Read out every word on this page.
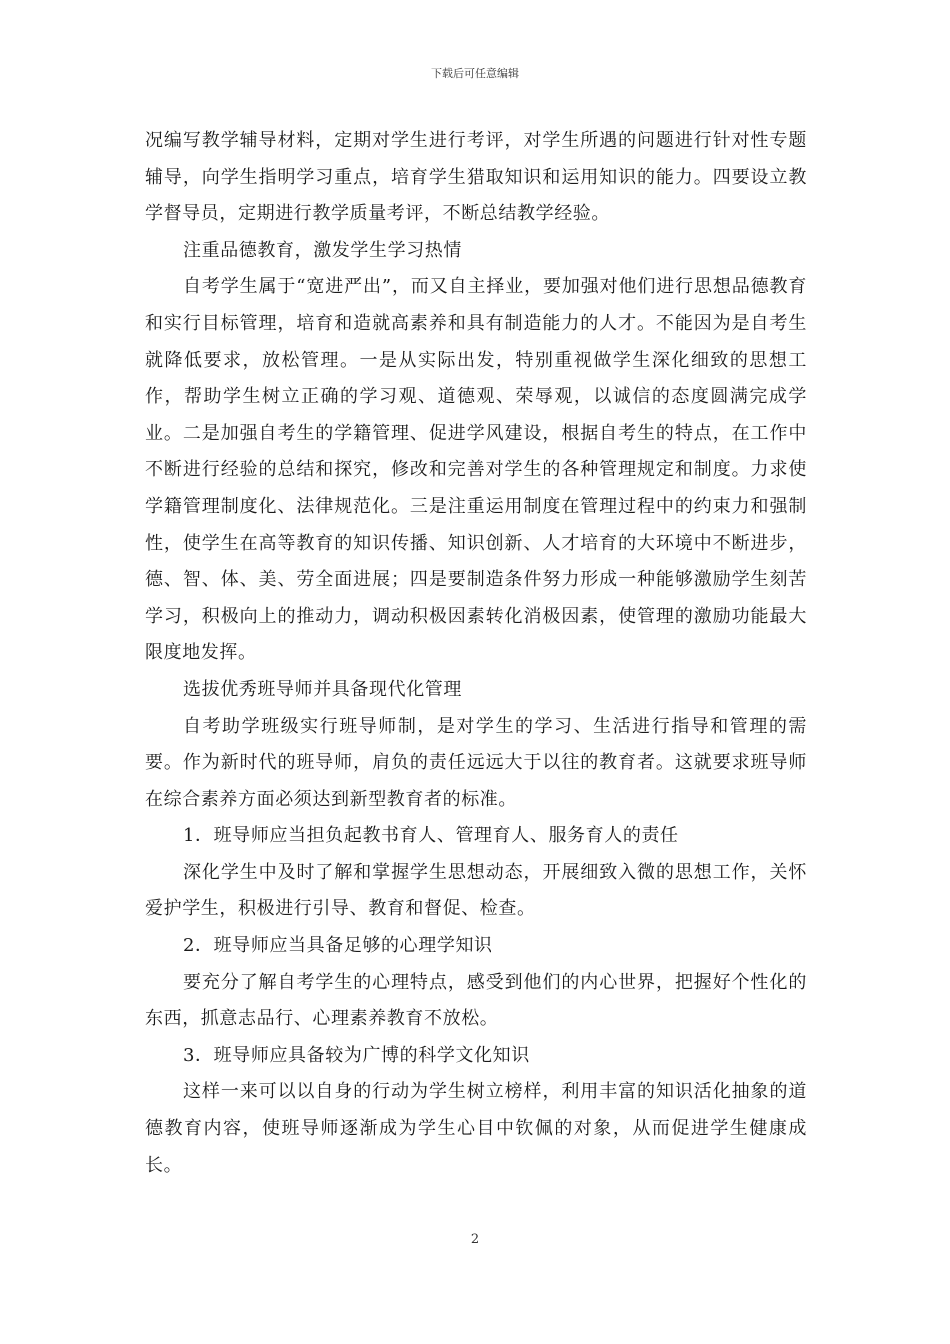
下载后可任意编辑

况编写教学辅导材料，定期对学生进行考评，对学生所遇的问题进行针对性专题辅导，向学生指明学习重点，培育学生猎取知识和运用知识的能力。四要设立教学督导员，定期进行教学质量考评，不断总结教学经验。

注重品德教育，激发学生学习热情

自考学生属于“宽进严出”，而又自主择业，要加强对他们进行思想品德教育和实行目标管理，培育和造就高素养和具有制造能力的人才。不能因为是自考生就降低要求，放松管理。一是从实际出发，特别重视做学生深化细致的思想工作，帮助学生树立正确的学习观、道德观、荣辱观，以诚信的态度圆满完成学业。二是加强自考生的学籍管理、促进学风建设，根据自考生的特点，在工作中不断进行经验的总结和探究，修改和完善对学生的各种管理规定和制度。力求使学籍管理制度化、法律规范化。三是注重运用制度在管理过程中的约束力和强制性，使学生在高等教育的知识传播、知识创新、人才培育的大环境中不断进步，德、智、体、美、劳全面进展；四是要制造条件努力形成一种能够激励学生刻苦学习，积极向上的推动力，调动积极因素转化消极因素，使管理的激励功能最大限度地发挥。

选拔优秀班导师并具备现代化管理

自考助学班级实行班导师制，是对学生的学习、生活进行指导和管理的需要。作为新时代的班导师，肩负的责任远远大于以往的教育者。这就要求班导师在综合素养方面必须达到新型教育者的标准。

1．班导师应当担负起教书育人、管理育人、服务育人的责任

深化学生中及时了解和掌握学生思想动态，开展细致入微的思想工作，关怀爱护学生，积极进行引导、教育和督促、检查。

2．班导师应当具备足够的心理学知识

要充分了解自考学生的心理特点，感受到他们的内心世界，把握好个性化的东西，抓意志品行、心理素养教育不放松。

3．班导师应具备较为广博的科学文化知识

这样一来可以以自身的行动为学生树立榜样，利用丰富的知识活化抽象的道德教育内容，使班导师逐渐成为学生心目中钦佩的对象，从而促进学生健康成长。

2
